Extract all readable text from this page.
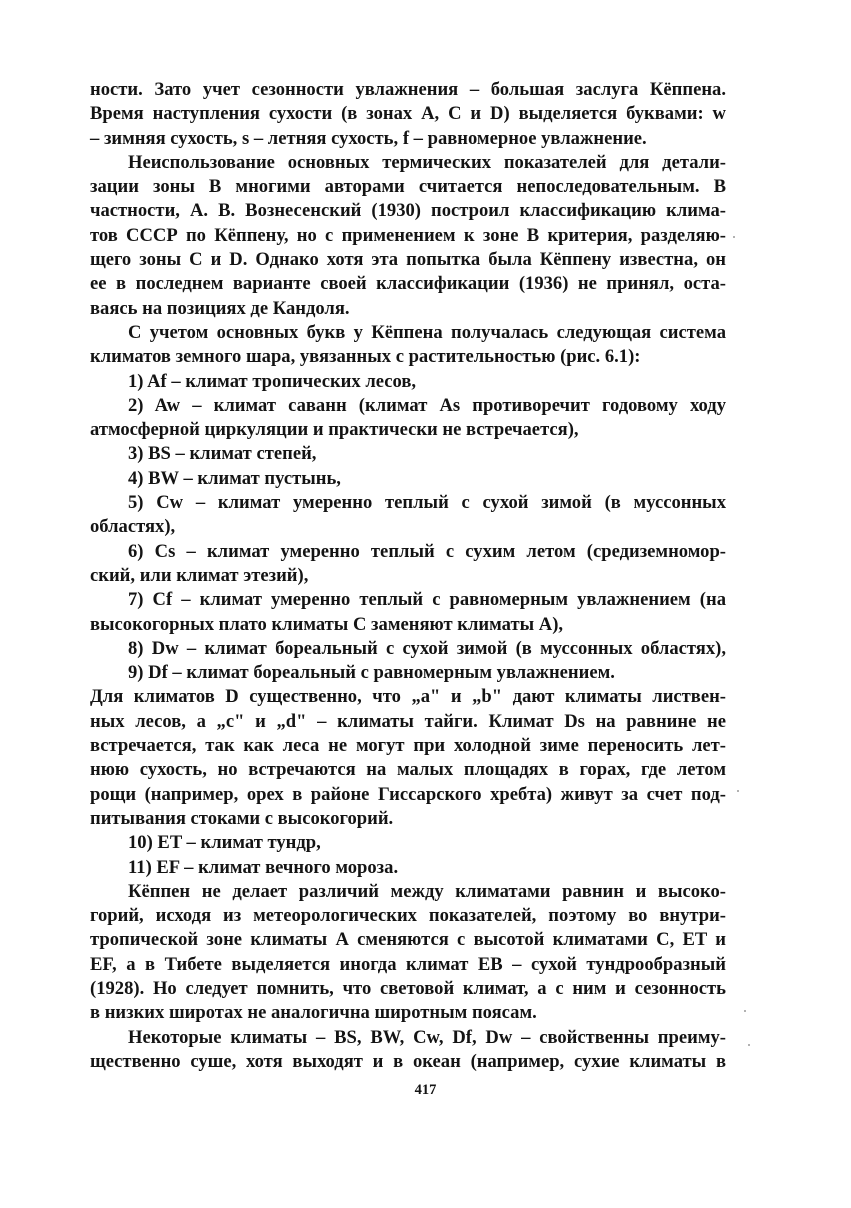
ности. Зато учет сезонности увлажнения – большая заслуга Кёппена.
Время наступления сухости (в зонах А, С и D) выделяется буквами: w
– зимняя сухость, s – летняя сухость, f – равномерное увлажнение.
Неиспользование основных термических показателей для детали-
зации зоны В многими авторами считается непоследовательным. В
частности, А. В. Вознесенский (1930) построил классификацию клима-
тов СССР по Кёппену, но с применением к зоне В критерия, разделяю-
щего зоны С и D. Однако хотя эта попытка была Кёппену известна, он
ее в последнем варианте своей классификации (1936) не принял, оста-
ваясь на позициях де Кандоля.
С учетом основных букв у Кёппена получалась следующая система
климатов земного шара, увязанных с растительностью (рис. 6.1):
1) Af – климат тропических лесов,
2) Aw – климат саванн (климат As противоречит годовому ходу
атмосферной циркуляции и практически не встречается),
3) BS – климат степей,
4) BW – климат пустынь,
5) Cw – климат умеренно теплый с сухой зимой (в муссонных
областях),
6) Cs – климат умеренно теплый с сухим летом (средиземномор-
ский, или климат этезий),
7) Cf – климат умеренно теплый с равномерным увлажнением (на
высокогорных плато климаты С заменяют климаты А),
8) Dw – климат бореальный с сухой зимой (в муссонных областях),
9) Df – климат бореальный с равномерным увлажнением.
Для климатов D существенно, что „a" и „b" дают климаты листвен-
ных лесов, а „c" и „d" – климаты тайги. Климат Ds на равнине не
встречается, так как леса не могут при холодной зиме переносить лет-
нюю сухость, но встречаются на малых площадях в горах, где летом
рощи (например, орех в районе Гиссарского хребта) живут за счет под-
питывания стоками с высокогорий.
10) ET – климат тундр,
11) EF – климат вечного мороза.
Кёппен не делает различий между климатами равнин и высоко-
горий, исходя из метеорологических показателей, поэтому во внутри-
тропической зоне климаты А сменяются с высотой климатами С, ET и
EF, а в Тибете выделяется иногда климат EB – сухой тундрообразный
(1928). Но следует помнить, что световой климат, а с ним и сезонность
в низких широтах не аналогична широтным поясам.
Некоторые климаты – BS, BW, Cw, Df, Dw – свойственны преиму-
щественно суше, хотя выходят и в океан (например, сухие климаты в
417
